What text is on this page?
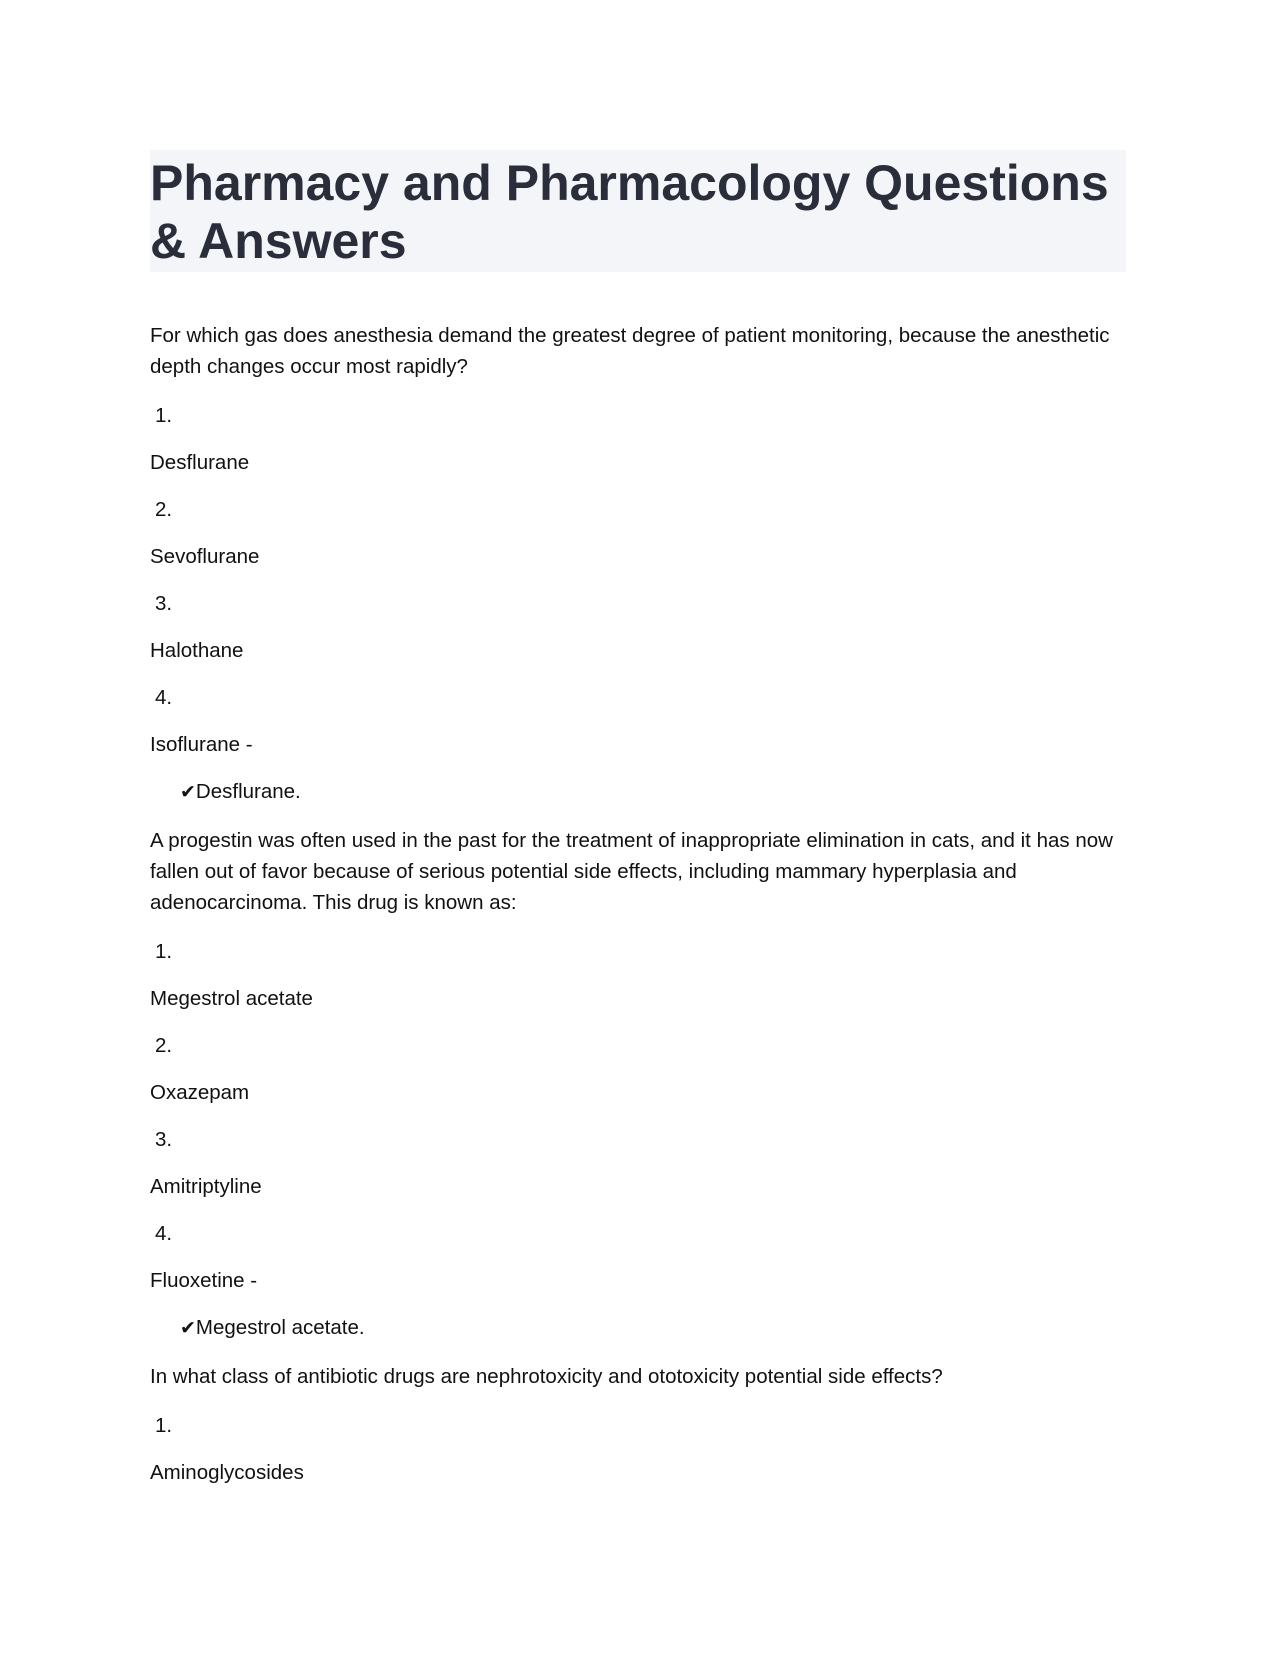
Pharmacy and Pharmacology Questions & Answers

For which gas does anesthesia demand the greatest degree of patient monitoring, because the anesthetic depth changes occur most rapidly?

1.

Desflurane

2.

Sevoflurane

3.

Halothane

4.

Isoflurane -

✔Desflurane.

A progestin was often used in the past for the treatment of inappropriate elimination in cats, and it has now fallen out of favor because of serious potential side effects, including mammary hyperplasia and adenocarcinoma. This drug is known as:

1.

Megestrol acetate

2.

Oxazepam

3.

Amitriptyline

4.

Fluoxetine -

✔Megestrol acetate.

In what class of antibiotic drugs are nephrotoxicity and ototoxicity potential side effects?

1.

Aminoglycosides
